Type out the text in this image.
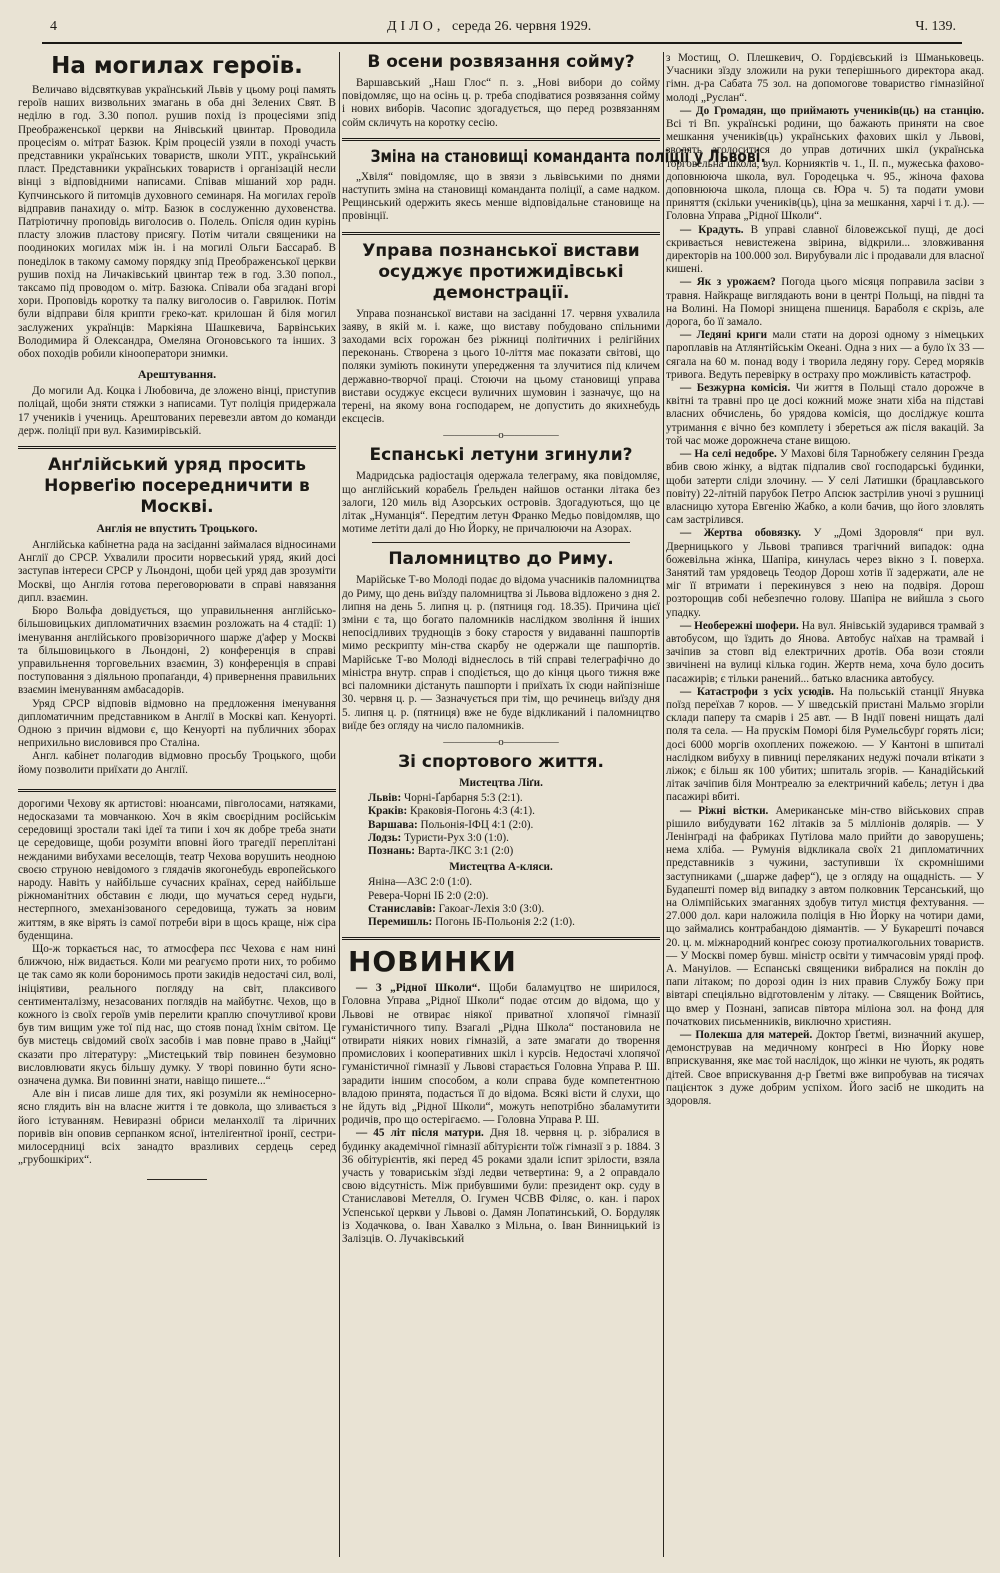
4	ДІЛО, середа 26. червня 1929.	Ч. 139.
На могилах героїв.

Величаво відсвяткував український Львів у цьому році память героїв наших визвольних змагань в оба дні Зелених Свят. В неділю в год. 3.30 попол. рушив похід із процесіями зпід Преображенської церкви на Янівський цвинтар. Проводила процесіям о. мітрат Базюк. Крім процесій узяли в поході участь представники українських товариств, школи УПТ., український пласт. Представники українських товариств і організацій несли вінці з відповідними написами. Співав мішаний хор радн. Купчинського й питомців духовного семинаря. На могилах героїв відправив панахиду о. мітр. Базюк в сослуженню духовенства. Патріотичну проповідь виголосив о. Полель. Опісля один курінь пласту зложив пластову присягу. Потім читали священики на поодиноких могилах між ін. і на могилі Ольги Бассараб. В понеділок в такому самому порядку зпід Преображенської церкви рушив похід на Личаківський цвинтар теж в год. 3.30 попол., таксамо під проводом о. мітр. Базюка. Співали оба згадані вгорі хори. Проповідь коротку та палку виголосив о. Гаврилюк. Потім були відправи біля крипти греко-кат. крилошан й біля могил заслужених українців: Маркіяна Шашкевича, Барвінських Володимира й Олександра, Омеляна Огоновського та інших. З обох походів робили кінооператори знимки.

Арештування.

До могили Ад. Коцка і Любовича, де зложено вінці, приступив поліцай, щоби зняти стяжки з написами. Тут поліція придержала 17 учеників і учениць. Арештованих перевезли автом до команди держ. поліції при вул. Казимирівській.

Анґлійський уряд просить Норвеґію посередничити в Москві.
Англія не впустить Троцького.

Англійська кабінетна рада на засіданні займалася відносинами Англії до СРСР. Ухвалили просити норвеський уряд, який досі заступав інтереси СРСР у Льондоні, щоби цей уряд дав зрозуміти Москві, що Англія готова переговорювати в справі навязання дипл. взаємин.

Бюро Вольфа довідується, що управильнення англійсько-більшовицьких дипломатичних взаємин розложать на 4 стадії: 1) іменування англійського провізоричного шарже д'афер у Москві та більшовицького в Льондоні, 2) конференція в справі управильнення торговельних взаємин, 3) конференція в справі поступовання з діяльною пропаґанди, 4) привернення правильних взаємин іменуванням амбасадорів.

Уряд СРСР відповів відмовно на предложення іменування дипломатичним представником в Англії в Москві кап. Кенуорті. Одною з причин відмови є, що Кенуорті на публичних зборах неприхильно висловився про Сталіна.

Англ. кабінет полагодив відмовно просьбу Троцького, щоби йому позволити приїхати до Англії.

дорогими Чехову як артистові: нюансами, півголосами, натяками, недосказами та мовчанкою. Хоч в якім своєрідним російськім середовищі зростали такі ідеї та типи і хоч як добре треба знати це середовище, щоби розуміти вповні його трагедії переплітані нежданими вибухами веселощів, театр Чехова ворушить неодною своєю струною невідомого з глядачів якогонебудь европейського народу. Навіть у найбільше сучасних країнах, серед найбільше ріжноманітних обставин є люди, що мучаться серед нудьги, нестерпного, змеханізованого середовища, тужать за новим життям, в яке вірять із самої потреби віри в щось краще, ніж сіра буденщина.

Що-ж торкається нас, то атмосфера пєс Чехова є нам нині ближчою, ніж видається. Коли ми реагуємо проти них, то робимо це так само як коли боронимось проти закидів недостачі сил, волі, ініціятиви, реального погляду на світ, плаксивого сентименталізму, незасованих поглядів на майбутнє. Чехов, що в кожного із своїх героїв умів перелити краплю спочутливої крови був тим вищим уже тої під нас, що стояв понад їхнім світом. Це був мистець свідомий своїх засобів і мав повне право в „Чайці“ сказати про літературу: „Мистецький твір повинен безумовно висловлювати якусь більшу думку. У творі повинно бути ясно-означена думка. Ви повинні знати, навіщо пишете...“

Але він і писав лише для тих, які розуміли як неміносерно-ясно глядить він на власне життя і те довкола, що зливається з його істуванням. Невиразні обриси меланхолії та ліричних поривів він оповив серпанком ясної, інтеліґентної іронії, сестри-милосердниці всіх занадто вразливих сердець серед „грубошкірих“.

В осени розвязання сойму?

Варшавський „Наш Глос“ п. з. „Нові вибори до сойму повідомляє, що на осінь ц. р. треба сподіватися розвязання сойму і нових виборів. Часопис здогадується, що перед розвязанням сойм скличуть на коротку сесію.

Зміна на становищі команданта поліції у Львові.

„Хвіля“ повідомляє, що в звязи з львівськими по днями наступить зміна на становищі команданта поліції, а саме надком. Рещинський одержить якесь менше відповідальне становище на провінції.

Управа познанської вистави осуджує протижидівські демонстрації.

Управа познанської вистави на засіданні 17. червня ухвалила заяву, в якій м. і. каже, що виставу побудовано спільними заходами всіх горожан без ріжниці політичних і релігійних переконань. Створена з цього 10-ліття має показати світові, що поляки зуміють покинути упередження та злучитися під кличем державно-творчої праці. Стоючи на цьому становищі управа вистави осуджує ексцеси вуличних шумовин і зазначує, що на терені, на якому вона господарем, не допустить до якихнебудь ексцесів.

—————о—————
Еспанські летуни згинули?

Мадридська радіостація одержала телеграму, яка повідомляє, що англійський корабель Ґрельден найшов останки літака без залоги, 120 миль від Азорських островів. Здогадуються, що це літак „Нуманція“. Передтим летун Франко Медьо повідомляв, що мотиме летіти далі до Ню Йорку, не причалюючи на Азорах.

Паломництво до Риму.

Марійське Т-во Молоді подає до відома учасників паломництва до Риму, що день виїзду паломництва зі Львова відложено з дня 2. липня на день 5. липня ц. р. (пятниця год. 18.35). Причина цієї зміни є та, що богато паломників наслідком звоління й інших непосідливих труднощів з боку старостя у видаванні пашпортів мимо рескрипту мін-ства скарбу не одержали ще пашпортів. Марійське Т-во Молоді віднеслось в тій справі телеграфічно до міністра внутр. справ і сподіється, що до кінця цього тижня вже всі паломники дістануть пашпорти і приїхать їх сюди найпізніше 30. червня ц. р. — Зазначується при тім, що речинець виїзду дня 5. липня ц. р. (пятниця) вже не буде відкликаний і паломництво виїде без огляду на число паломників.

—————о—————
Зі спортового життя.
Мистецтва Ліґи.
Львів: Чорні-Ґарбарня 5:3 (2:1).
Краків: Краковія-Погонь 4:3 (4:1).
Варшава: Польонія-ІФЦ 4:1 (2:0).
Лодзь: Туристи-Рух 3:0 (1:0).
Познань: Варта-ЛКС 3:1 (2:0)
Мистецтва А-кляси.
Яніна—АЗС 2:0 (1:0).
Ревера-Чорні ІБ 2:0 (2:0).
Станиславів: Гакоаг-Лехія 3:0 (3:0).
Перемишль: Погонь ІБ-Польонія 2:2 (1:0).
НОВИНКИ

— З „Рідної Школи“. Щоби баламуцтво не ширилося, Головна Управа „Рідної Школи“ подає отсим до відома, що у Львові не отвирає ніякої приватної хлопячої гімназії гуманістичного типу. Взагалі „Рідна Школа“ постановила не отвирати ніяких нових гімназій, а зате змагати до творення промислових і кооперативних шкіл і курсів. Недостачі хлопячої гуманістичної гімназії у Львові старається Головна Управа Р. Ш. зарадити іншим способом, а коли справа буде компетентною владою принята, подасться її до відома. Всякі вісти й слухи, що не йдуть від „Рідної Школи“, можуть непотрібно збаламутити родичів, про що остерігаємо. — Головна Управа Р. Ш.

— 45 літ після матури. Дня 18. червня ц. р. зібралися в будинку академічної гімназії абітурієнти тоїж гімназії з р. 1884. З 36 обітурієнтів, які перед 45 роками здали іспит зрілости, взяла участь у товариськім зїзді ледви четвертина: 9, а 2 оправдало свою відсутність. Між прибувшими були: президент окр. суду в Станиславові Метелля, О. Ігумен ЧСВВ Філяс, о. кан. і парох Успенської церкви у Львові о. Дамян Лопатинський, О. Бордуляк із Ходачкова, о. Іван Хавалко з Мільна, о. Іван Винницький із Залізців. О. Лучаківський

з Мостищ, О. Плешкевич, О. Гордієвський із Шманьковець. Учасники зїзду зложили на руки теперішнього директора акад. гімн. д-ра Сабата 75 зол. на допомогове товариство гімназійної молоді „Руслан“.

— До Громадян, що приймають учеників(ць) на станцію. Всі ті Вп. українські родини, що бажають приняти на свое мешкання учеників(ць) українських фахових шкіл у Львові, зволять зголоситися до управ дотичних шкіл (українська торговельна школа, вул. Корнияктів ч. 1., ІІ. п., мужеська фахово-доповнююча школа, вул. Городецька ч. 95., жіноча фахова доповнююча школа, площа св. Юра ч. 5) та подати умови приняття (скільки учеників(ць), ціна за мешкання, харчі і т. д.). — Головна Управа „Рідної Школи“.

— Крадуть. В управі славної біловежської пущі, де досі скривається невистежена звірина, відкрили... зловживання директорів на 100.000 зол. Вирубували ліс і продавали для власної кишені.

— Як з урожаєм? Погода цього місяця поправила засіви з травня. Найкраще виглядають вони в центрі Польщі, на півдні та на Волині. На Поморі знищена пшениця. Бараболя є скрізь, але дорога, бо її замало.

— Ледяні криги мали стати на дорозі одному з німецьких пароплавів на Атлянтійськім Океані. Одна з них — а було їх 33 — сягала на 60 м. понад воду і творила ледяну гору. Серед моряків тривога. Ведуть перевірку в остраху про можливість катастроф.

— Безжурна комісія. Чи життя в Польщі стало дорожче в квітні та травні про це досі кожний може знати хіба на підставі власних обчислень, бо урядова комісія, що досліджує кошта утримання є вічно без комплету і збереться аж після вакацій. За той час може дорожнеча стане вищою.

— На селі недобре. У Махові біля Тарнобжеґу селянин Грезда вбив свою жінку, а відтак підпалив свої господарські будинки, щоби затерти сліди злочину. — У селі Латишки (брацлавського повіту) 22-літній парубок Петро Апсюк застрілив уночі з рушниці власницю хутора Евгенію Жабко, а коли бачив, що його зловлять сам застрілився.

— Жертва обовязку. У „Домі Здоровля“ при вул. Дверницького у Львові трапився трагічний випадок: одна божевільна жінка, Шапіра, кинулась через вікно з І. поверха. Занятий там урядовець Теодор Дорош хотів її задержати, але не міг її втримати і перекинувся з нею на подвіря. Дорош розторощив собі небезпечно голову. Шапіра не вийшла з сього упадку.

— Необережні шофери. На вул. Янівській зударився трамвай з автобусом, що їздить до Янова. Автобус наїхав на трамвай і зачіпив за стовп від електричних дротів. Оба вози стояли звичінені на вулиці кілька годин. Жертв нема, хоча було досить пасажирів; є тільки ранений... батько власника автобусу.

— Катастрофи з усіх усюдів. На польській станції Янувка поїзд переїхав 7 коров. — У шведській пристані Мальмо згоріли склади паперу та смарів і 25 авт. — В Індії повені нищать далі поля та села. — На прускім Поморі біля Румельсбурґ горять ліси; досі 6000 моргів охоплених пожежою. — У Кантоні в шпиталі наслідком вибуху в пивниці переляканих недужі почали втікати з ліжок; є більш як 100 убитих; шпиталь згорів. — Канадійський літак зачіпив біля Монтреалю за електричний кабель; летун і два пасажирі вбиті.

— Ріжні вістки. Американське мін-ство військових справ рішило вибудувати 162 літаків за 5 мілліонів долярів. — У Ленінґраді на фабриках Путілова мало прийти до заворушень; нема хліба. — Румунія відкликала своїх 21 дипломатичних представників з чужини, заступивши їх скромнішими заступниками („шарже дафер“), це з огляду на ощадність. — У Будапешті помер від випадку з автом полковник Терсанський, що на Олімпійських змаганнях здобув титул мистця фехтування. — 27.000 дол. кари наложила поліція в Ню Йорку на чотири дами, що займались контрабандою діямантів. — У Букарешті почався 20. ц. м. міжнародний конґрес союзу протиалкогольних товариств. — У Москві помер бувш. міністр освіти у тимчасовім уряді проф. А. Мануілов. — Еспанські священики вибралися на поклін до папи літаком; по дорозі один із них правив Службу Божу при вівтарі спеціяльно відготовленім у літаку. — Священик Войтись, що вмер у Познані, записав півтора міліона зол. на фонд для початкових письменників, виключно християн.

— Полекша для матерей. Доктор Ґветмі, визначний акушер, демонстрував на медичному конґресі в Ню Йорку нове вприскування, яке має той наслідок, що жінки не чують, як родять дітей. Свое вприскування д-р Ґветмі вже випробував на тисячах пацієнток з дуже добрим успіхом. Його засіб не шкодить на здоровля.
